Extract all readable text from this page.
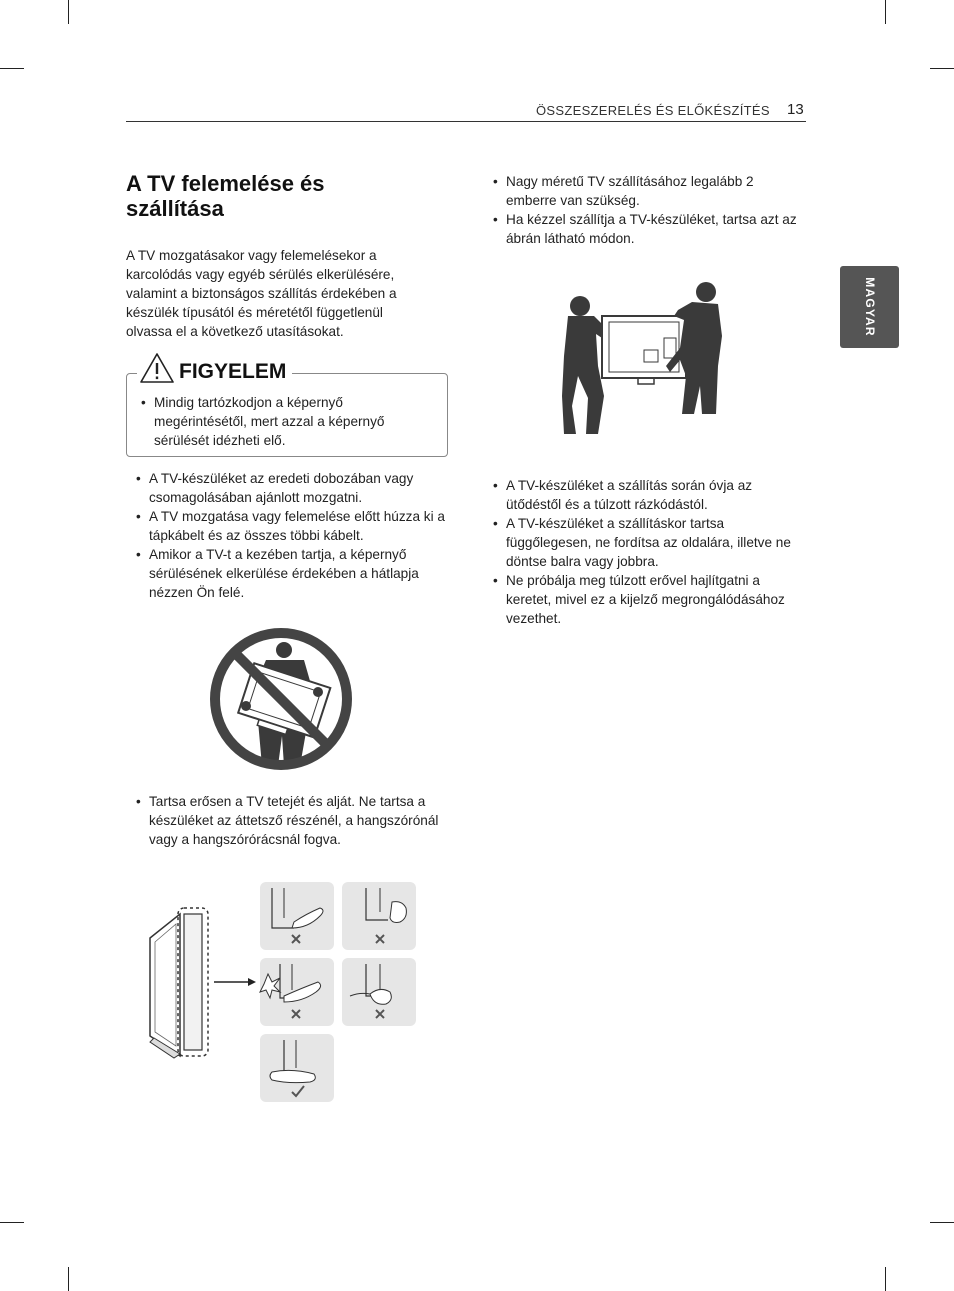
ÖSSZESZERELÉS ÉS ELŐKÉSZÍTÉS 13
MAGYAR
A TV felemelése és szállítása

A TV mozgatásakor vagy felemelésekor a karcolódás vagy egyéb sérülés elkerülésére, valamint a biztonságos szállítás érdekében a készülék típusától és méretétől függetlenül olvassa el a következő utasításokat.

FIGYELEM
• Mindig tartózkodjon a képernyő megérintésétől, mert azzal a képernyő sérülését idézheti elő.
• A TV-készüléket az eredeti dobozában vagy csomagolásában ajánlott mozgatni.
• A TV mozgatása vagy felemelése előtt húzza ki a tápkábelt és az összes többi kábelt.
• Amikor a TV-t a kezében tartja, a képernyő sérülésének elkerülése érdekében a hátlapja nézzen Ön felé.
• Tartsa erősen a TV tetejét és alját. Ne tartsa a készüléket az áttetsző részénél, a hangszórónál vagy a hangszórórácsnál fogva.
• Nagy méretű TV szállításához legalább 2 emberre van szükség.
• Ha kézzel szállítja a TV-készüléket, tartsa azt az ábrán látható módon.
• A TV-készüléket a szállítás során óvja az ütődéstől és a túlzott rázkódástól.
• A TV-készüléket a szállításkor tartsa függőlegesen, ne fordítsa az oldalára, illetve ne döntse balra vagy jobbra.
• Ne próbálja meg túlzott erővel hajlítgatni a keretet, mivel ez a kijelző megrongálódásához vezethet.
